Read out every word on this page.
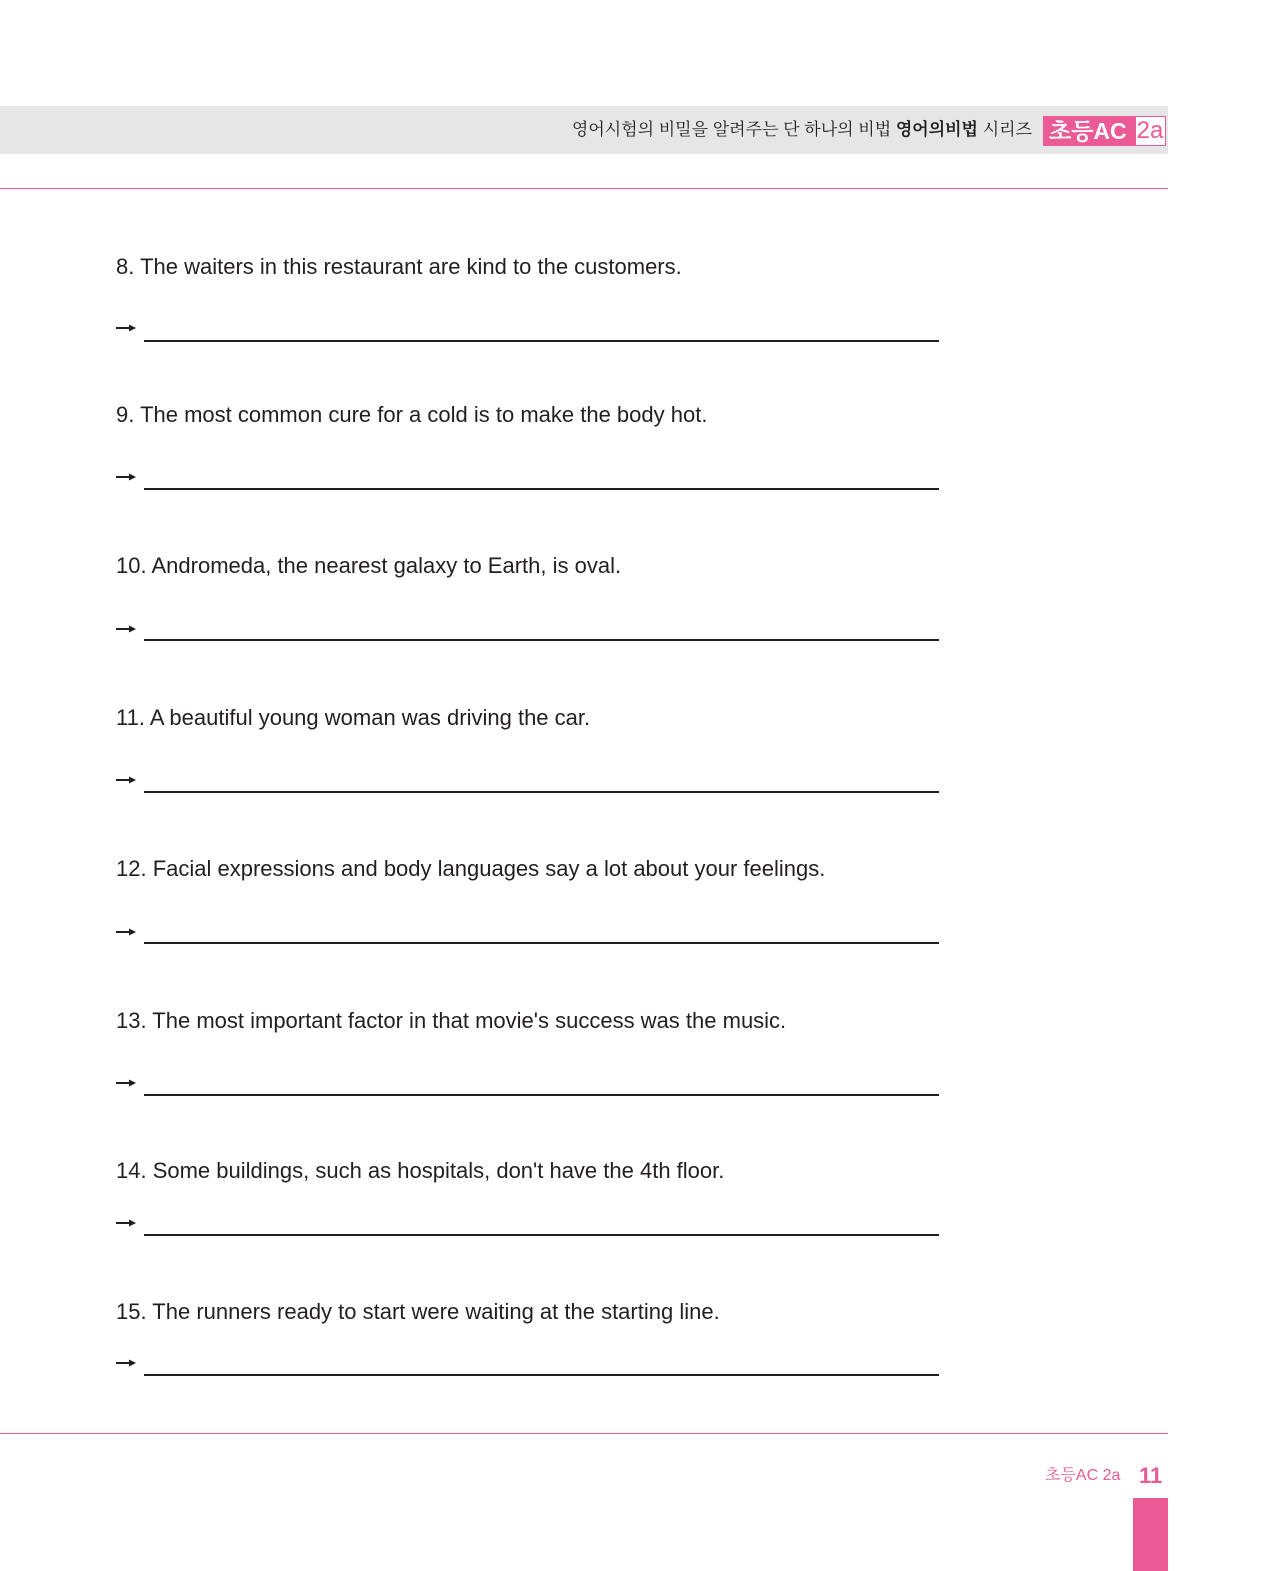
영어시험의 비밀을 알려주는 단 하나의 비법 영어의비법 시리즈 초등AC 2a
8. The waiters in this restaurant are kind to the customers.
9. The most common cure for a cold is to make the body hot.
10. Andromeda, the nearest galaxy to Earth, is oval.
11. A beautiful young woman was driving the car.
12. Facial expressions and body languages say a lot about your feelings.
13. The most important factor in that movie's success was the music.
14. Some buildings, such as hospitals, don't have the 4th floor.
15. The runners ready to start were waiting at the starting line.
초등AC 2a 11
